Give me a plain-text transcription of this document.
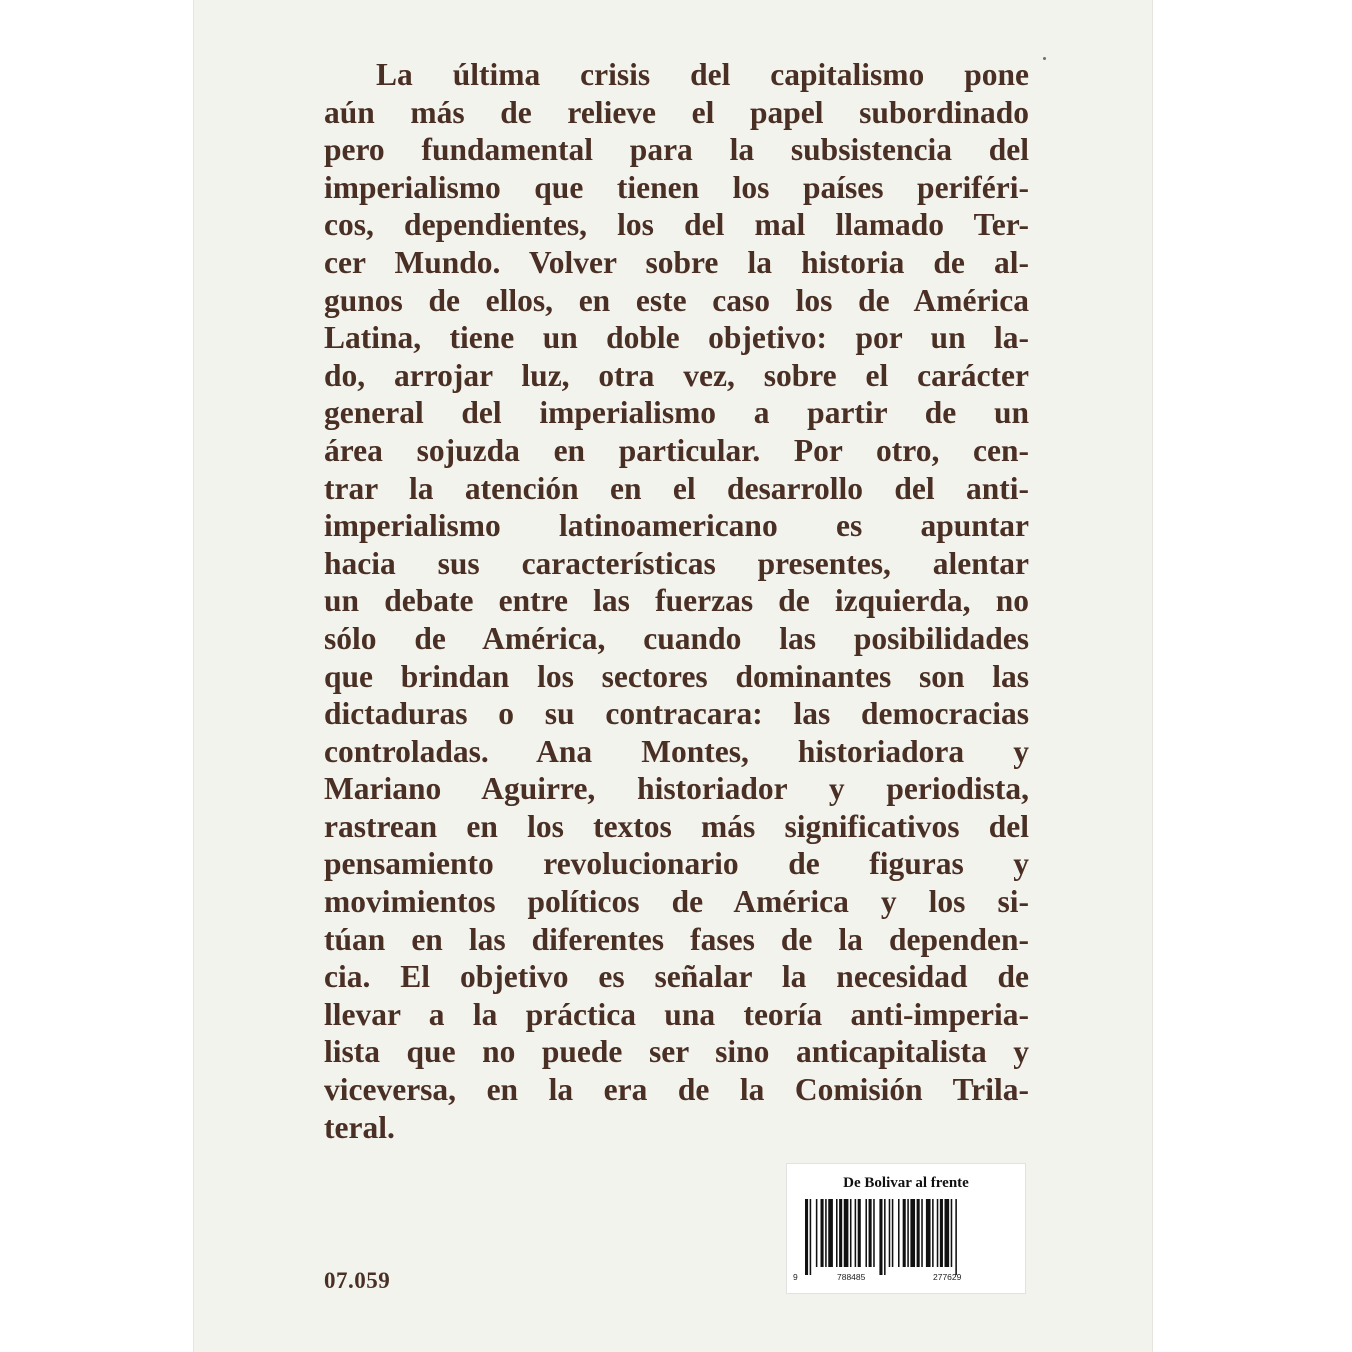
La última crisis del capitalismo pone
aún más de relieve el papel subordinado
pero fundamental para la subsistencia del
imperialismo que tienen los países periféri-
cos, dependientes, los del mal llamado Ter-
cer Mundo. Volver sobre la historia de al-
gunos de ellos, en este caso los de América
Latina, tiene un doble objetivo: por un la-
do, arrojar luz, otra vez, sobre el carácter
general del imperialismo a partir de un
área sojuzda en particular. Por otro, cen-
trar la atención en el desarrollo del anti-
imperialismo latinoamericano es apuntar
hacia sus características presentes, alentar
un debate entre las fuerzas de izquierda, no
sólo de América, cuando las posibilidades
que brindan los sectores dominantes son las
dictaduras o su contracara: las democracias
controladas. Ana Montes, historiadora y
Mariano Aguirre, historiador y periodista,
rastrean en los textos más significativos del
pensamiento revolucionario de figuras y
movimientos políticos de América y los si-
túan en las diferentes fases de la dependen-
cia. El objetivo es señalar la necesidad de
llevar a la práctica una teoría anti-imperia-
lista que no puede ser sino anticapitalista y
viceversa, en la era de la Comisión Trila-
teral.
07.059
De Bolivar al frente
9	788485	277629
